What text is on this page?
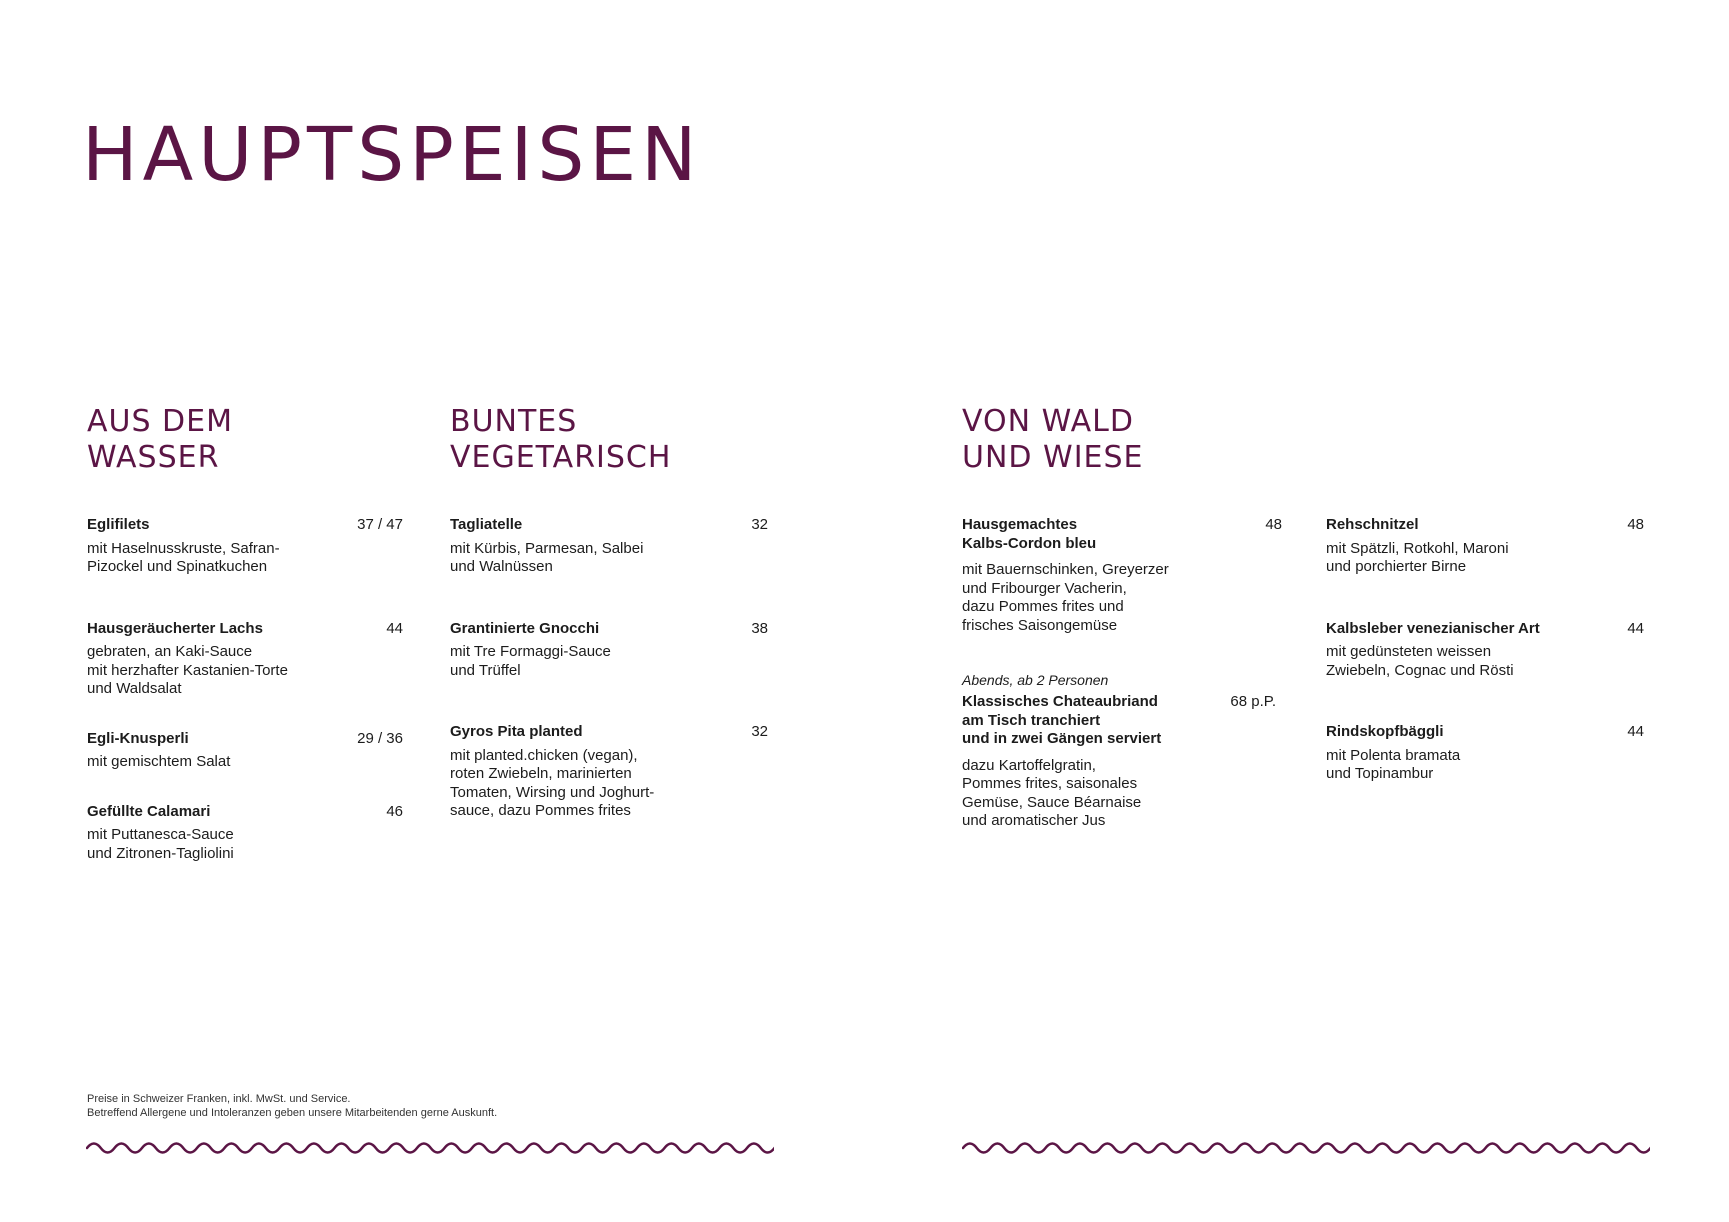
HAUPTSPEISEN
AUS DEM
WASSER
BUNTES
VEGETARISCH
VON WALD
UND WIESE
Eglifilets	37 / 47
mit Haselnusskruste, Safran-
Pizockel und Spinatkuchen
Hausgeräucherter Lachs	44
gebraten, an Kaki-Sauce
mit herzhafter Kastanien-Torte
und Waldsalat
Egli-Knusperli	29 / 36
mit gemischtem Salat
Gefüllte Calamari	46
mit Puttanesca-Sauce
und Zitronen-Tagliolini
Tagliatelle	32
mit Kürbis, Parmesan, Salbei
und Walnüssen
Grantinierte Gnocchi	38
mit Tre Formaggi-Sauce
und Trüffel
Gyros Pita planted	32
mit planted.chicken (vegan),
roten Zwiebeln, marinierten
Tomaten, Wirsing und Joghurt-
sauce, dazu Pommes frites
Hausgemachtes
Kalbs-Cordon bleu
48
mit Bauernschinken, Greyerzer
und Fribourger Vacherin,
dazu Pommes frites und
frisches Saisongemüse
Abends, ab 2 Personen
Klassisches Chateaubriand
am Tisch tranchiert
und in zwei Gängen serviert
68 p.P.
dazu Kartoffelgratin,
Pommes frites, saisonales
Gemüse, Sauce Béarnaise
und aromatischer Jus
Rehschnitzel	48
mit Spätzli, Rotkohl, Maroni
und porchierter Birne
Kalbsleber venezianischer Art	44
mit gedünsteten weissen
Zwiebeln, Cognac und Rösti
Rindskopfbäggli	44
mit Polenta bramata
und Topinambur
Preise in Schweizer Franken, inkl. MwSt. und Service.
Betreffend Allergene und Intoleranzen geben unsere Mitarbeitenden gerne Auskunft.
